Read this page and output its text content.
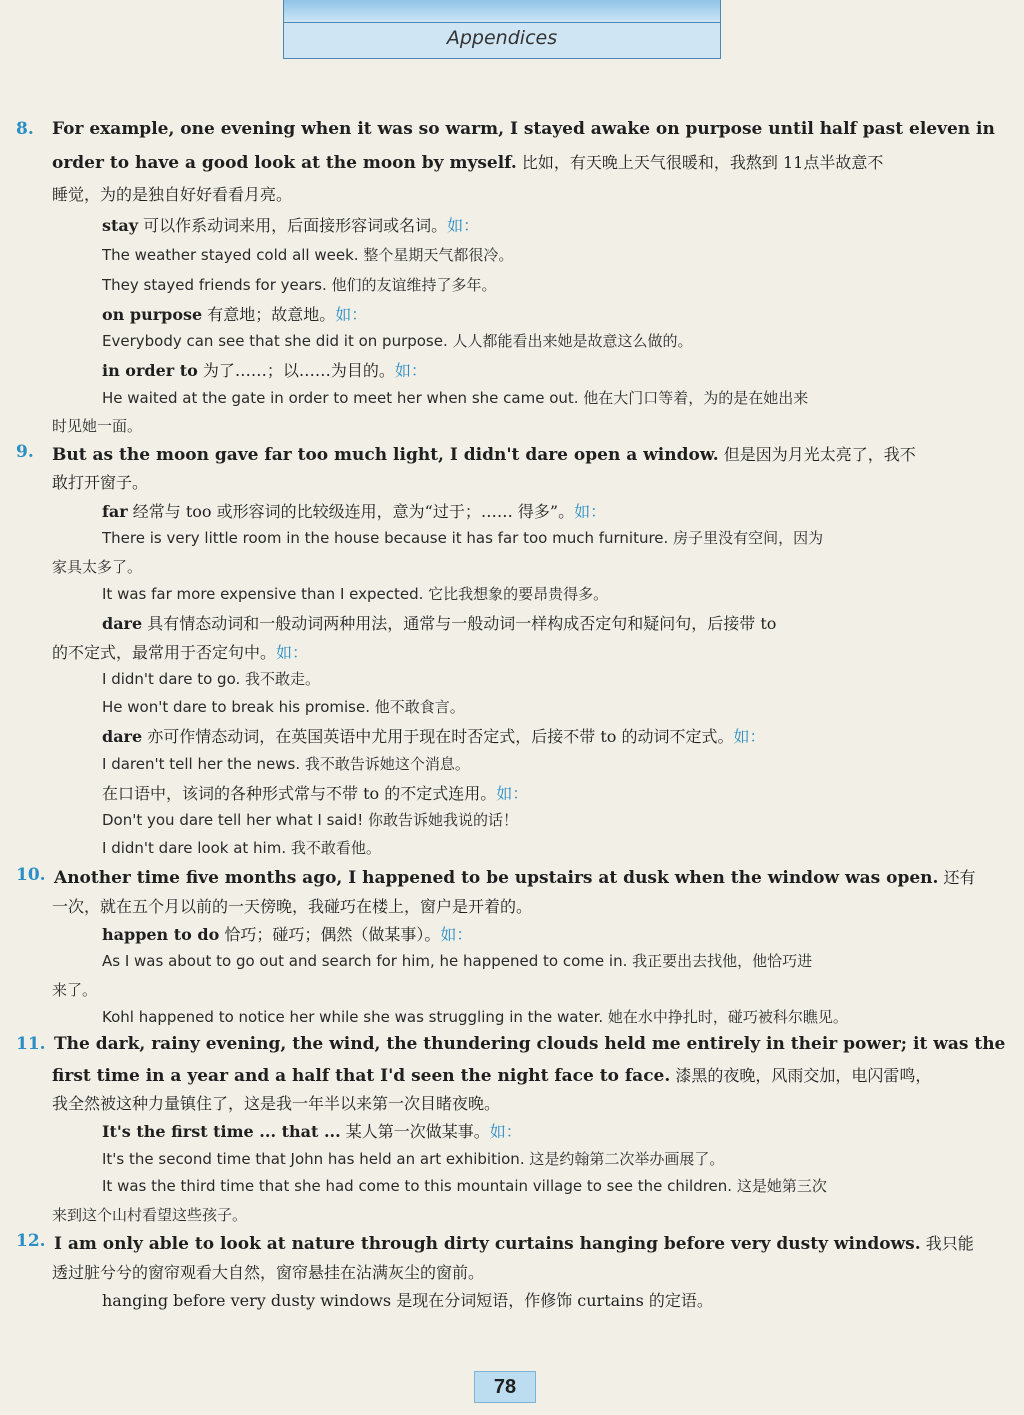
Appendices
8. For example, one evening when it was so warm, I stayed awake on purpose until half past eleven in
order to have a good look at the moon by myself. 比如，有天晚上天气很暖和，我熬到 11点半故意不
睡觉，为的是独自好好看看月亮。
stay 可以作系动词来用，后面接形容词或名词。如：
The weather stayed cold all week. 整个星期天气都很冷。
They stayed friends for years. 他们的友谊维持了多年。
on purpose 有意地；故意地。如：
Everybody can see that she did it on purpose. 人人都能看出来她是故意这么做的。
in order to 为了……；以……为目的。如：
He waited at the gate in order to meet her when she came out. 他在大门口等着，为的是在她出来
时见她一面。
9. But as the moon gave far too much light, I didn't dare open a window. 但是因为月光太亮了，我不
敢打开窗子。
far 经常与 too 或形容词的比较级连用，意为“过于；…… 得多”。如：
There is very little room in the house because it has far too much furniture. 房子里没有空间，因为
家具太多了。
It was far more expensive than I expected. 它比我想象的要昂贵得多。
dare 具有情态动词和一般动词两种用法，通常与一般动词一样构成否定句和疑问句，后接带 to
的不定式，最常用于否定句中。如：
I didn't dare to go. 我不敢走。
He won't dare to break his promise. 他不敢食言。
dare 亦可作情态动词，在英国英语中尤用于现在时否定式，后接不带 to 的动词不定式。如：
I daren't tell her the news. 我不敢告诉她这个消息。
在口语中，该词的各种形式常与不带 to 的不定式连用。如：
Don't you dare tell her what I said! 你敢告诉她我说的话！
I didn't dare look at him. 我不敢看他。
10. Another time five months ago, I happened to be upstairs at dusk when the window was open. 还有
一次，就在五个月以前的一天傍晚，我碰巧在楼上，窗户是开着的。
happen to do 恰巧；碰巧；偶然（做某事）。如：
As I was about to go out and search for him, he happened to come in. 我正要出去找他，他恰巧进
来了。
Kohl happened to notice her while she was struggling in the water. 她在水中挣扎时，碰巧被科尔瞧见。
11. The dark, rainy evening, the wind, the thundering clouds held me entirely in their power; it was the
first time in a year and a half that I'd seen the night face to face. 漆黑的夜晚，风雨交加，电闪雷鸣，
我全然被这种力量镇住了，这是我一年半以来第一次目睹夜晚。
It's the first time ... that ... 某人第一次做某事。如：
It's the second time that John has held an art exhibition. 这是约翰第二次举办画展了。
It was the third time that she had come to this mountain village to see the children. 这是她第三次
来到这个山村看望这些孩子。
12. I am only able to look at nature through dirty curtains hanging before very dusty windows. 我只能
透过脏兮兮的窗帘观看大自然，窗帘悬挂在沾满灰尘的窗前。
hanging before very dusty windows 是现在分词短语，作修饰 curtains 的定语。
78
